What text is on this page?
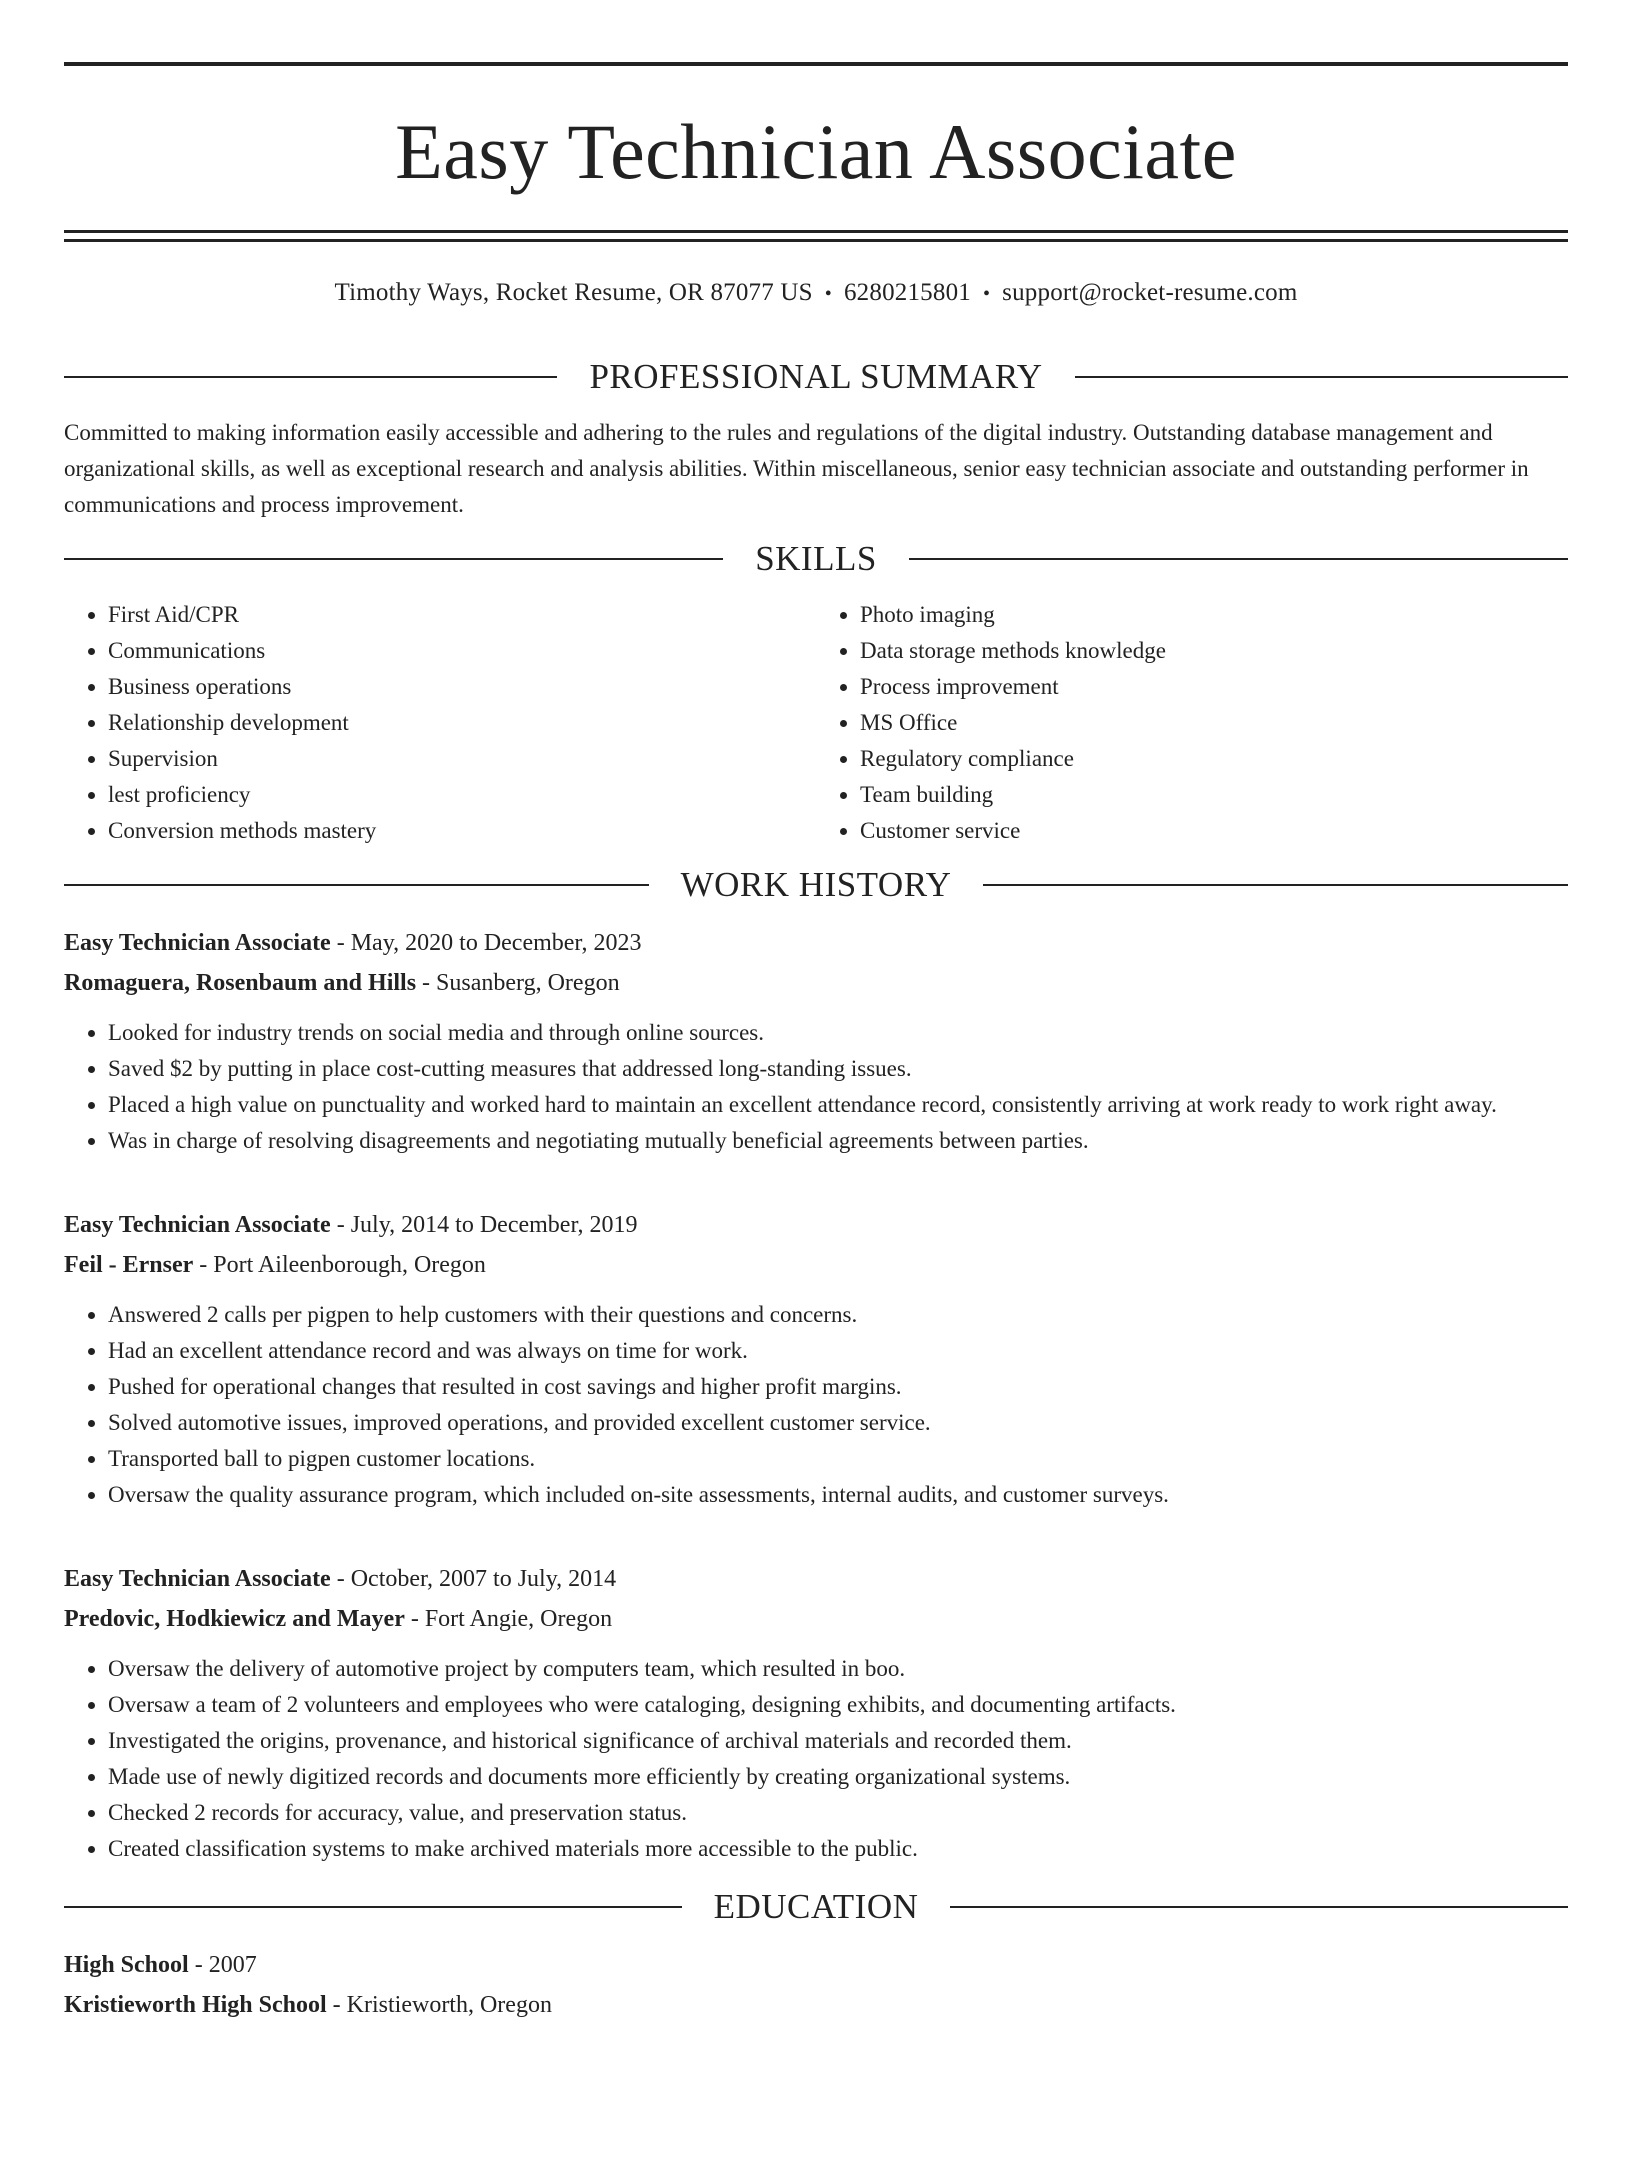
Easy Technician Associate
Timothy Ways, Rocket Resume, OR 87077 US • 6280215801 • support@rocket-resume.com
PROFESSIONAL SUMMARY

Committed to making information easily accessible and adhering to the rules and regulations of the digital industry. Outstanding database management and organizational skills, as well as exceptional research and analysis abilities. Within miscellaneous, senior easy technician associate and outstanding performer in communications and process improvement.

SKILLS
• First Aid/CPR
• Communications
• Business operations
• Relationship development
• Supervision
• lest proficiency
• Conversion methods mastery
• Photo imaging
• Data storage methods knowledge
• Process improvement
• MS Office
• Regulatory compliance
• Team building
• Customer service
WORK HISTORY
Easy Technician Associate - May, 2020 to December, 2023
Romaguera, Rosenbaum and Hills - Susanberg, Oregon
• Looked for industry trends on social media and through online sources.
• Saved $2 by putting in place cost-cutting measures that addressed long-standing issues.
• Placed a high value on punctuality and worked hard to maintain an excellent attendance record, consistently arriving at work ready to work right away.
• Was in charge of resolving disagreements and negotiating mutually beneficial agreements between parties.
Easy Technician Associate - July, 2014 to December, 2019
Feil - Ernser - Port Aileenborough, Oregon
• Answered 2 calls per pigpen to help customers with their questions and concerns.
• Had an excellent attendance record and was always on time for work.
• Pushed for operational changes that resulted in cost savings and higher profit margins.
• Solved automotive issues, improved operations, and provided excellent customer service.
• Transported ball to pigpen customer locations.
• Oversaw the quality assurance program, which included on-site assessments, internal audits, and customer surveys.
Easy Technician Associate - October, 2007 to July, 2014
Predovic, Hodkiewicz and Mayer - Fort Angie, Oregon
• Oversaw the delivery of automotive project by computers team, which resulted in boo.
• Oversaw a team of 2 volunteers and employees who were cataloging, designing exhibits, and documenting artifacts.
• Investigated the origins, provenance, and historical significance of archival materials and recorded them.
• Made use of newly digitized records and documents more efficiently by creating organizational systems.
• Checked 2 records for accuracy, value, and preservation status.
• Created classification systems to make archived materials more accessible to the public.
EDUCATION
High School - 2007
Kristieworth High School - Kristieworth, Oregon
